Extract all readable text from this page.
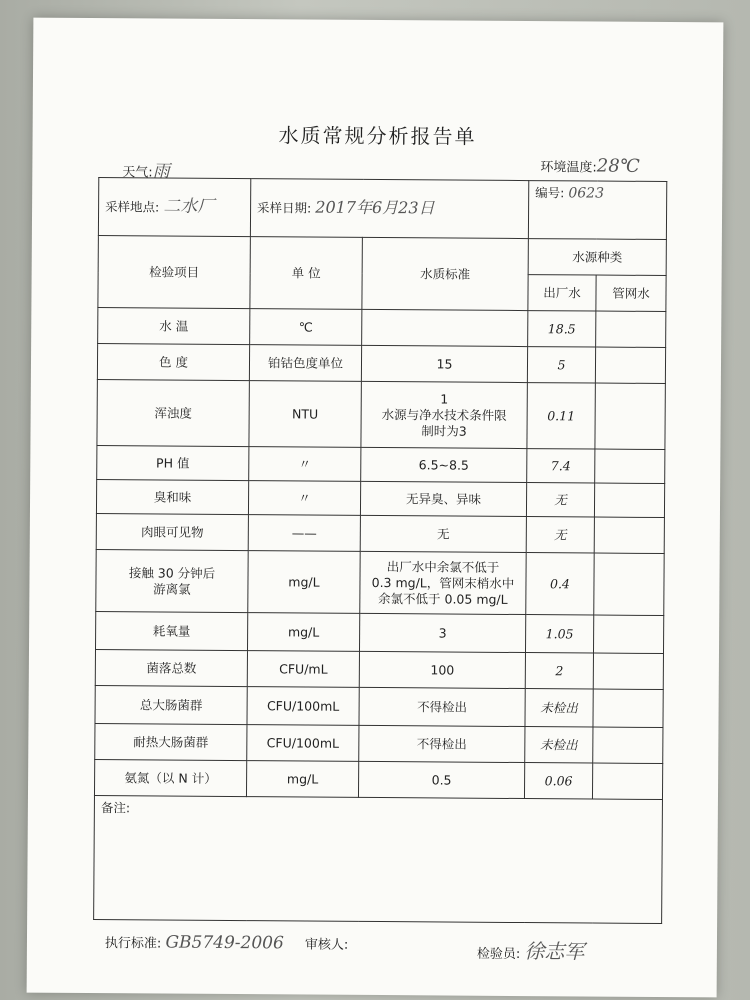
水质常规分析报告单
天气:雨	环境温度:28℃
采样地点: 二水厂	采样日期: 2017年6月23日		编号: 0623	
检验项目	单 位	水质标准	水源种类	
			出厂水	管网水
水 温	℃		18.5	
色 度	铂钴色度单位	15	5	
浑浊度	NTU	1
水源与净水技术条件限
制时为3	0.11	
PH 值	〃	6.5~8.5	7.4	
臭和味	〃	无异臭、异味	无	
肉眼可见物	——	无	无	
接触 30 分钟后
游离氯	mg/L	出厂水中余氯不低于
0.3 mg/L，管网末梢水中
余氯不低于 0.05 mg/L	0.4	
耗氧量	mg/L	3	1.05	
菌落总数	CFU/mL	100	2	
总大肠菌群	CFU/100mL	不得检出	未检出	
耐热大肠菌群	CFU/100mL	不得检出	未检出	
氨氮（以 N 计）	mg/L	0.5	0.06	
备注:				
执行标准: GB5749-2006 审核人:
检验员: 徐志军
